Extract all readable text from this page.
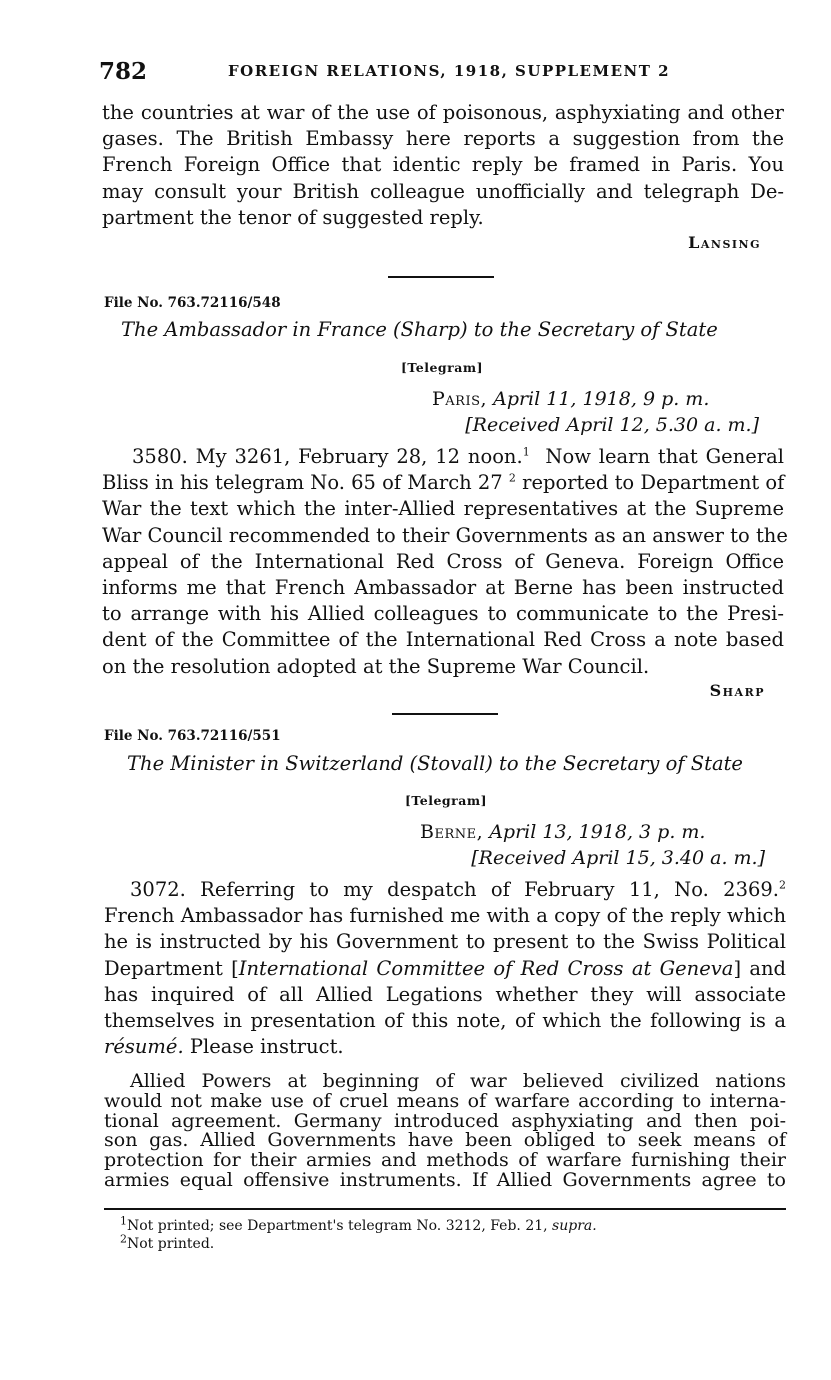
782	FOREIGN RELATIONS, 1918, SUPPLEMENT 2
the countries at war of the use of poisonous, asphyxiating and other
gases. The British Embassy here reports a suggestion from the
French Foreign Office that identic reply be framed in Paris. You
may consult your British colleague unofficially and telegraph De-
partment the tenor of suggested reply.
Lansing
File No. 763.72116/548
The Ambassador in France (Sharp) to the Secretary of State
[Telegram]
Paris, April 11, 1918, 9 p. m.
[Received April 12, 5.30 a. m.]
3580. My 3261, February 28, 12 noon.$^1$ Now learn that General
Bliss in his telegram No. 65 of March 27 $^2$ reported to Department of
War the text which the inter-Allied representatives at the Supreme
War Council recommended to their Governments as an answer to the
appeal of the International Red Cross of Geneva. Foreign Office
informs me that French Ambassador at Berne has been instructed
to arrange with his Allied colleagues to communicate to the Presi-
dent of the Committee of the International Red Cross a note based
on the resolution adopted at the Supreme War Council.
Sharp
File No. 763.72116/551
The Minister in Switzerland (Stovall) to the Secretary of State
[Telegram]
Berne, April 13, 1918, 3 p. m.
[Received April 15, 3.40 a. m.]
3072. Referring to my despatch of February 11, No. 2369.$^2$
French Ambassador has furnished me with a copy of the reply which
he is instructed by his Government to present to the Swiss Political
Department [International Committee of Red Cross at Geneva] and
has inquired of all Allied Legations whether they will associate
themselves in presentation of this note, of which the following is a
résumé. Please instruct.
Allied Powers at beginning of war believed civilized nations
would not make use of cruel means of warfare according to interna-
tional agreement. Germany introduced asphyxiating and then poi-
son gas. Allied Governments have been obliged to seek means of
protection for their armies and methods of warfare furnishing their
armies equal offensive instruments. If Allied Governments agree to
$^1$Not printed; see Department's telegram No. 3212, Feb. 21, supra.
$^2$Not printed.
